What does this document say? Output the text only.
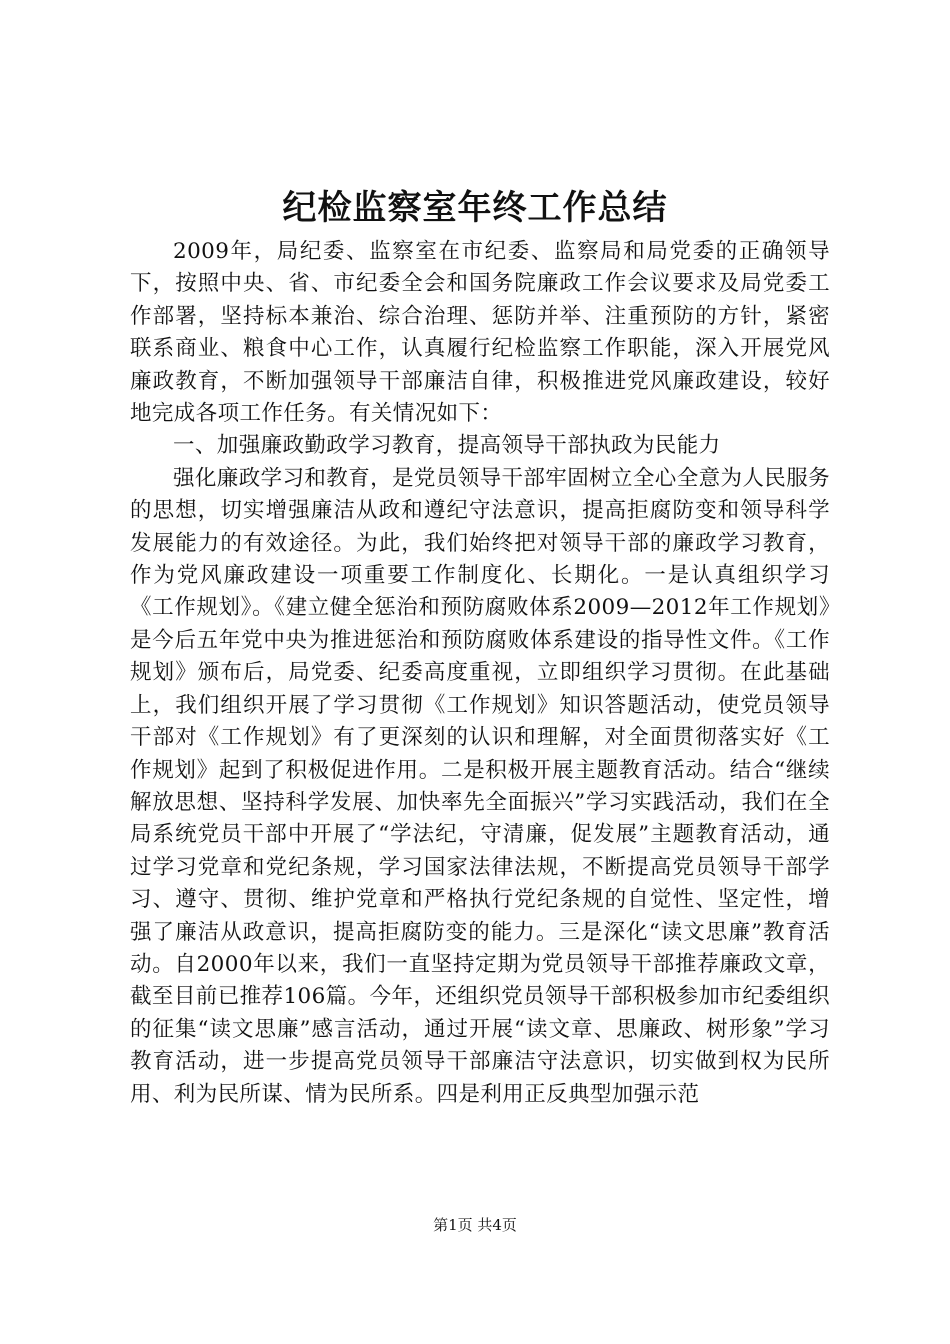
纪检监察室年终工作总结

2009年，局纪委、监察室在市纪委、监察局和局党委的正确领导下，按照中央、省、市纪委全会和国务院廉政工作会议要求及局党委工作部署，坚持标本兼治、综合治理、惩防并举、注重预防的方针，紧密联系商业、粮食中心工作，认真履行纪检监察工作职能，深入开展党风廉政教育，不断加强领导干部廉洁自律，积极推进党风廉政建设，较好地完成各项工作任务。有关情况如下：

一、加强廉政勤政学习教育，提高领导干部执政为民能力

强化廉政学习和教育，是党员领导干部牢固树立全心全意为人民服务的思想，切实增强廉洁从政和遵纪守法意识，提高拒腐防变和领导科学发展能力的有效途径。为此，我们始终把对领导干部的廉政学习教育，作为党风廉政建设一项重要工作制度化、长期化。一是认真组织学习《工作规划》。《建立健全惩治和预防腐败体系2009—2012年工作规划》是今后五年党中央为推进惩治和预防腐败体系建设的指导性文件。《工作规划》颁布后，局党委、纪委高度重视，立即组织学习贯彻。在此基础上，我们组织开展了学习贯彻《工作规划》知识答题活动，使党员领导干部对《工作规划》有了更深刻的认识和理解，对全面贯彻落实好《工作规划》起到了积极促进作用。二是积极开展主题教育活动。结合“继续解放思想、坚持科学发展、加快率先全面振兴”学习实践活动，我们在全局系统党员干部中开展了“学法纪，守清廉，促发展”主题教育活动，通过学习党章和党纪条规，学习国家法律法规，不断提高党员领导干部学习、遵守、贯彻、维护党章和严格执行党纪条规的自觉性、坚定性，增强了廉洁从政意识，提高拒腐防变的能力。三是深化“读文思廉”教育活动。自2000年以来，我们一直坚持定期为党员领导干部推荐廉政文章，截至目前已推荐106篇。今年，还组织党员领导干部积极参加市纪委组织的征集“读文思廉”感言活动，通过开展“读文章、思廉政、树形象”学习教育活动，进一步提高党员领导干部廉洁守法意识，切实做到权为民所用、利为民所谋、情为民所系。四是利用正反典型加强示范

第1页 共4页
